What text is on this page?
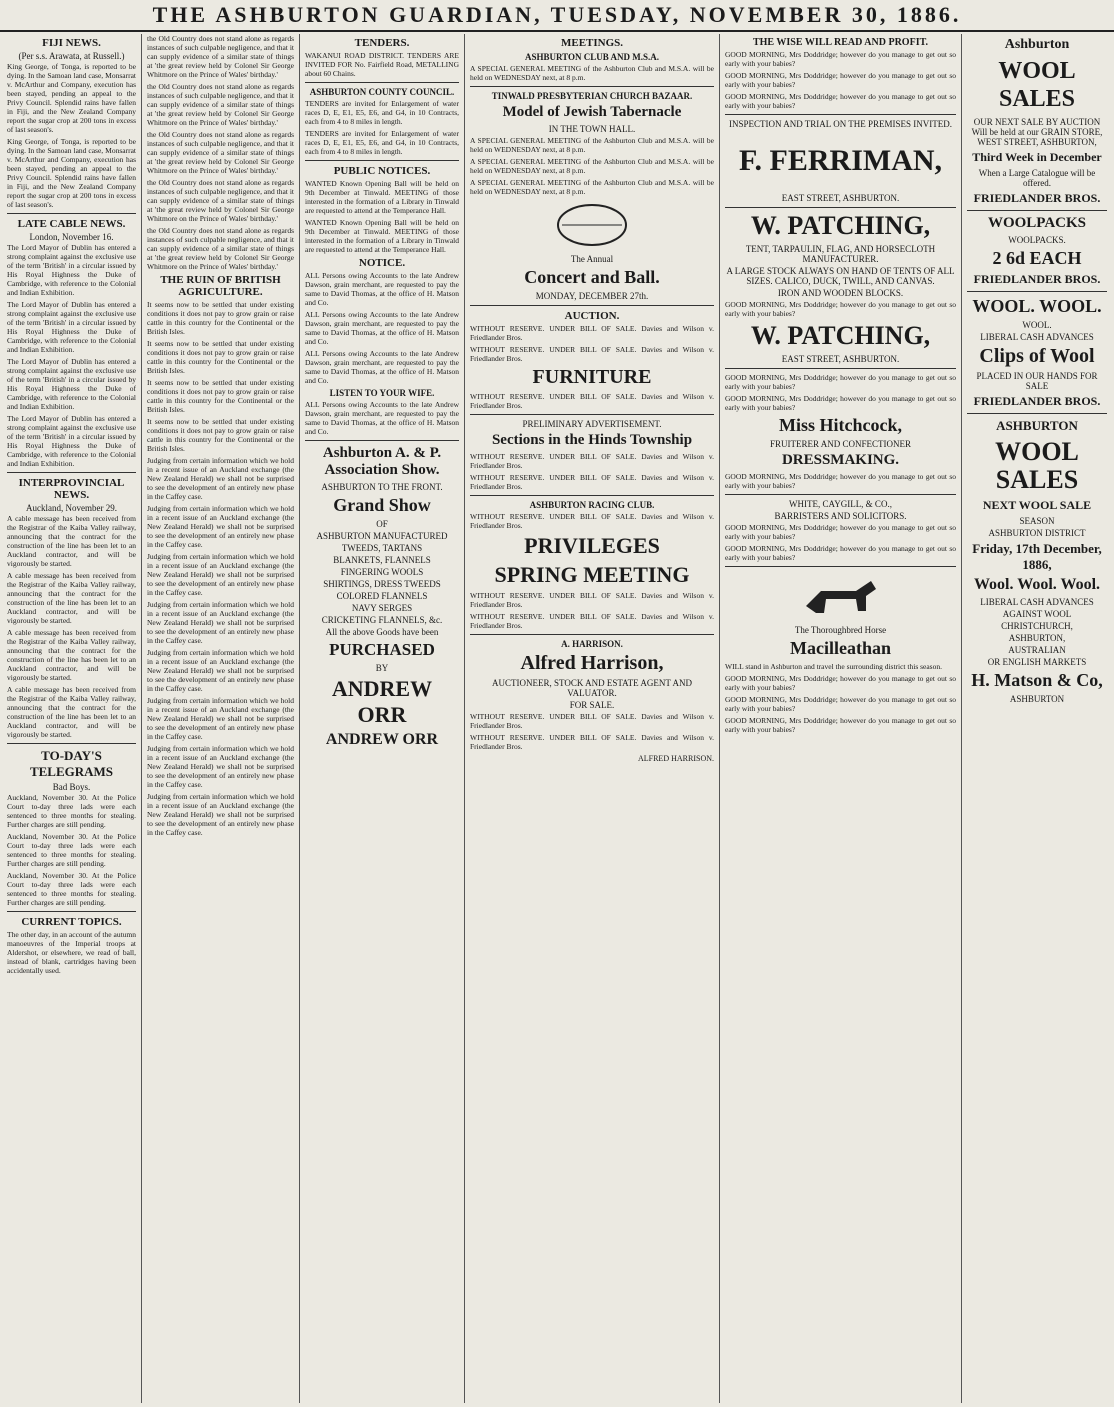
THE ASHBURTON GUARDIAN, TUESDAY, NOVEMBER 30, 1886.
FIJI NEWS.
(Per s.s. Arawata, at Russell.)
King George, of Tonga, is reported to be dying. In the Samoan land case, Monsarrat v. McArthur and Company, execution has been stayed, pending an appeal to the Privy Council. Splendid rains have fallen in Fiji, and the New Zealand Company report the sugar crop at 200 tons in excess of last season's.
King George, of Tonga, is reported to be dying. In the Samoan land case, Monsarrat v. McArthur and Company, execution has been stayed, pending an appeal to the Privy Council. Splendid rains have fallen in Fiji, and the New Zealand Company report the sugar crop at 200 tons in excess of last season's.
LATE CABLE NEWS.
London, November 16.
The Lord Mayor of Dublin has entered a strong complaint against the exclusive use of the term 'British' in a circular issued by His Royal Highness the Duke of Cambridge, with reference to the Colonial and Indian Exhibition.
The Lord Mayor of Dublin has entered a strong complaint against the exclusive use of the term 'British' in a circular issued by His Royal Highness the Duke of Cambridge, with reference to the Colonial and Indian Exhibition.
The Lord Mayor of Dublin has entered a strong complaint against the exclusive use of the term 'British' in a circular issued by His Royal Highness the Duke of Cambridge, with reference to the Colonial and Indian Exhibition.
The Lord Mayor of Dublin has entered a strong complaint against the exclusive use of the term 'British' in a circular issued by His Royal Highness the Duke of Cambridge, with reference to the Colonial and Indian Exhibition.
INTERPROVINCIAL NEWS.
Auckland, November 29.
A cable message has been received from the Registrar of the Kaiba Valley railway, announcing that the contract for the construction of the line has been let to an Auckland contractor, and will be vigorously be started.
A cable message has been received from the Registrar of the Kaiba Valley railway, announcing that the contract for the construction of the line has been let to an Auckland contractor, and will be vigorously be started.
A cable message has been received from the Registrar of the Kaiba Valley railway, announcing that the contract for the construction of the line has been let to an Auckland contractor, and will be vigorously be started.
A cable message has been received from the Registrar of the Kaiba Valley railway, announcing that the contract for the construction of the line has been let to an Auckland contractor, and will be vigorously be started.
TO-DAY'S TELEGRAMS
Bad Boys.
Auckland, November 30. At the Police Court to-day three lads were each sentenced to three months for stealing. Further charges are still pending.
Auckland, November 30. At the Police Court to-day three lads were each sentenced to three months for stealing. Further charges are still pending.
Auckland, November 30. At the Police Court to-day three lads were each sentenced to three months for stealing. Further charges are still pending.
CURRENT TOPICS.
The other day, in an account of the autumn manoeuvres of the Imperial troops at Aldershot, or elsewhere, we read of ball, instead of blank, cartridges having been accidentally used.
the Old Country does not stand alone as regards instances of such culpable negligence, and that it can supply evidence of a similar state of things at 'the great review held by Colonel Sir George Whitmore on the Prince of Wales' birthday.'
the Old Country does not stand alone as regards instances of such culpable negligence, and that it can supply evidence of a similar state of things at 'the great review held by Colonel Sir George Whitmore on the Prince of Wales' birthday.'
the Old Country does not stand alone as regards instances of such culpable negligence, and that it can supply evidence of a similar state of things at 'the great review held by Colonel Sir George Whitmore on the Prince of Wales' birthday.'
the Old Country does not stand alone as regards instances of such culpable negligence, and that it can supply evidence of a similar state of things at 'the great review held by Colonel Sir George Whitmore on the Prince of Wales' birthday.'
the Old Country does not stand alone as regards instances of such culpable negligence, and that it can supply evidence of a similar state of things at 'the great review held by Colonel Sir George Whitmore on the Prince of Wales' birthday.'
THE RUIN OF BRITISH AGRICULTURE.
It seems now to be settled that under existing conditions it does not pay to grow grain or raise cattle in this country for the Continental or the British Isles.
It seems now to be settled that under existing conditions it does not pay to grow grain or raise cattle in this country for the Continental or the British Isles.
It seems now to be settled that under existing conditions it does not pay to grow grain or raise cattle in this country for the Continental or the British Isles.
It seems now to be settled that under existing conditions it does not pay to grow grain or raise cattle in this country for the Continental or the British Isles.
Judging from certain information which we hold in a recent issue of an Auckland exchange (the New Zealand Herald) we shall not be surprised to see the development of an entirely new phase in the Caffey case.
Judging from certain information which we hold in a recent issue of an Auckland exchange (the New Zealand Herald) we shall not be surprised to see the development of an entirely new phase in the Caffey case.
Judging from certain information which we hold in a recent issue of an Auckland exchange (the New Zealand Herald) we shall not be surprised to see the development of an entirely new phase in the Caffey case.
Judging from certain information which we hold in a recent issue of an Auckland exchange (the New Zealand Herald) we shall not be surprised to see the development of an entirely new phase in the Caffey case.
Judging from certain information which we hold in a recent issue of an Auckland exchange (the New Zealand Herald) we shall not be surprised to see the development of an entirely new phase in the Caffey case.
Judging from certain information which we hold in a recent issue of an Auckland exchange (the New Zealand Herald) we shall not be surprised to see the development of an entirely new phase in the Caffey case.
Judging from certain information which we hold in a recent issue of an Auckland exchange (the New Zealand Herald) we shall not be surprised to see the development of an entirely new phase in the Caffey case.
Judging from certain information which we hold in a recent issue of an Auckland exchange (the New Zealand Herald) we shall not be surprised to see the development of an entirely new phase in the Caffey case.
TENDERS.
WAKANUI ROAD DISTRICT. TENDERS ARE INVITED FOR No. Fairfield Road, METALLING about 60 Chains.
ASHBURTON COUNTY COUNCIL.
TENDERS are invited for Enlargement of water races D, E, E1, E5, E6, and G4, in 10 Contracts, each from 4 to 8 miles in length.
TENDERS are invited for Enlargement of water races D, E, E1, E5, E6, and G4, in 10 Contracts, each from 4 to 8 miles in length.
PUBLIC NOTICES.
WANTED Known Opening Ball will be held on 9th December at Tinwald. MEETING of those interested in the formation of a Library in Tinwald are requested to attend at the Temperance Hall.
WANTED Known Opening Ball will be held on 9th December at Tinwald. MEETING of those interested in the formation of a Library in Tinwald are requested to attend at the Temperance Hall.
NOTICE.
ALL Persons owing Accounts to the late Andrew Dawson, grain merchant, are requested to pay the same to David Thomas, at the office of H. Matson and Co.
ALL Persons owing Accounts to the late Andrew Dawson, grain merchant, are requested to pay the same to David Thomas, at the office of H. Matson and Co.
ALL Persons owing Accounts to the late Andrew Dawson, grain merchant, are requested to pay the same to David Thomas, at the office of H. Matson and Co.
LISTEN TO YOUR WIFE.
ALL Persons owing Accounts to the late Andrew Dawson, grain merchant, are requested to pay the same to David Thomas, at the office of H. Matson and Co.
Ashburton A. & P. Association Show.
ASHBURTON TO THE FRONT.
Grand Show
OF
ASHBURTON MANUFACTURED
TWEEDS, TARTANS
BLANKETS, FLANNELS
FINGERING WOOLS
SHIRTINGS, DRESS TWEEDS
COLORED FLANNELS
NAVY SERGES
CRICKETING FLANNELS, &c.
All the above Goods have been
PURCHASED
BY
ANDREW ORR
ANDREW ORR
MEETINGS.
ASHBURTON CLUB AND M.S.A.
A SPECIAL GENERAL MEETING of the Ashburton Club and M.S.A. will be held on WEDNESDAY next, at 8 p.m.
TINWALD PRESBYTERIAN CHURCH BAZAAR.
Model of Jewish Tabernacle
IN THE TOWN HALL.
A SPECIAL GENERAL MEETING of the Ashburton Club and M.S.A. will be held on WEDNESDAY next, at 8 p.m.
A SPECIAL GENERAL MEETING of the Ashburton Club and M.S.A. will be held on WEDNESDAY next, at 8 p.m.
A SPECIAL GENERAL MEETING of the Ashburton Club and M.S.A. will be held on WEDNESDAY next, at 8 p.m.
The Annual
Concert and Ball.
MONDAY, DECEMBER 27th.
AUCTION.
WITHOUT RESERVE. UNDER BILL OF SALE. Davies and Wilson v. Friedlander Bros.
WITHOUT RESERVE. UNDER BILL OF SALE. Davies and Wilson v. Friedlander Bros.
FURNITURE
WITHOUT RESERVE. UNDER BILL OF SALE. Davies and Wilson v. Friedlander Bros.
PRELIMINARY ADVERTISEMENT.
Sections in the Hinds Township
WITHOUT RESERVE. UNDER BILL OF SALE. Davies and Wilson v. Friedlander Bros.
WITHOUT RESERVE. UNDER BILL OF SALE. Davies and Wilson v. Friedlander Bros.
ASHBURTON RACING CLUB.
WITHOUT RESERVE. UNDER BILL OF SALE. Davies and Wilson v. Friedlander Bros.
PRIVILEGES
SPRING MEETING
WITHOUT RESERVE. UNDER BILL OF SALE. Davies and Wilson v. Friedlander Bros.
WITHOUT RESERVE. UNDER BILL OF SALE. Davies and Wilson v. Friedlander Bros.
A. HARRISON.
Alfred Harrison,
AUCTIONEER, STOCK AND ESTATE AGENT AND VALUATOR.
FOR SALE.
WITHOUT RESERVE. UNDER BILL OF SALE. Davies and Wilson v. Friedlander Bros.
WITHOUT RESERVE. UNDER BILL OF SALE. Davies and Wilson v. Friedlander Bros.
ALFRED HARRISON.
THE WISE WILL READ AND PROFIT.
GOOD MORNING, Mrs Doddridge; however do you manage to get out so early with your babies?
GOOD MORNING, Mrs Doddridge; however do you manage to get out so early with your babies?
GOOD MORNING, Mrs Doddridge; however do you manage to get out so early with your babies?
INSPECTION AND TRIAL ON THE PREMISES INVITED.
F. FERRIMAN,
EAST STREET, ASHBURTON.
W. PATCHING,
TENT, TARPAULIN, FLAG, AND HORSECLOTH MANUFACTURER.
A LARGE STOCK ALWAYS ON HAND OF TENTS OF ALL SIZES. CALICO, DUCK, TWILL, AND CANVAS.
IRON AND WOODEN BLOCKS.
GOOD MORNING, Mrs Doddridge; however do you manage to get out so early with your babies?
W. PATCHING,
EAST STREET, ASHBURTON.
GOOD MORNING, Mrs Doddridge; however do you manage to get out so early with your babies?
GOOD MORNING, Mrs Doddridge; however do you manage to get out so early with your babies?
Miss Hitchcock,
FRUITERER AND CONFECTIONER
DRESSMAKING.
GOOD MORNING, Mrs Doddridge; however do you manage to get out so early with your babies?
WHITE, CAYGILL, & CO.,
BARRISTERS AND SOLICITORS.
GOOD MORNING, Mrs Doddridge; however do you manage to get out so early with your babies?
GOOD MORNING, Mrs Doddridge; however do you manage to get out so early with your babies?
The Thoroughbred Horse
Macilleathan
WILL stand in Ashburton and travel the surrounding district this season.
GOOD MORNING, Mrs Doddridge; however do you manage to get out so early with your babies?
GOOD MORNING, Mrs Doddridge; however do you manage to get out so early with your babies?
GOOD MORNING, Mrs Doddridge; however do you manage to get out so early with your babies?
Ashburton
WOOL SALES
OUR NEXT SALE BY AUCTION Will be held at our GRAIN STORE, WEST STREET, ASHBURTON,
Third Week in December
When a Large Catalogue will be offered.
FRIEDLANDER BROS.
WOOLPACKS
WOOLPACKS.
2 6d EACH
FRIEDLANDER BROS.
WOOL. WOOL.
WOOL.
LIBERAL CASH ADVANCES
Clips of Wool
PLACED IN OUR HANDS FOR SALE
FRIEDLANDER BROS.
ASHBURTON
WOOL SALES
NEXT WOOL SALE
SEASON
ASHBURTON DISTRICT
Friday, 17th December, 1886,
Wool. Wool. Wool.
LIBERAL CASH ADVANCES
AGAINST WOOL
CHRISTCHURCH,
ASHBURTON,
AUSTRALIAN
OR ENGLISH MARKETS
H. Matson & Co,
ASHBURTON
